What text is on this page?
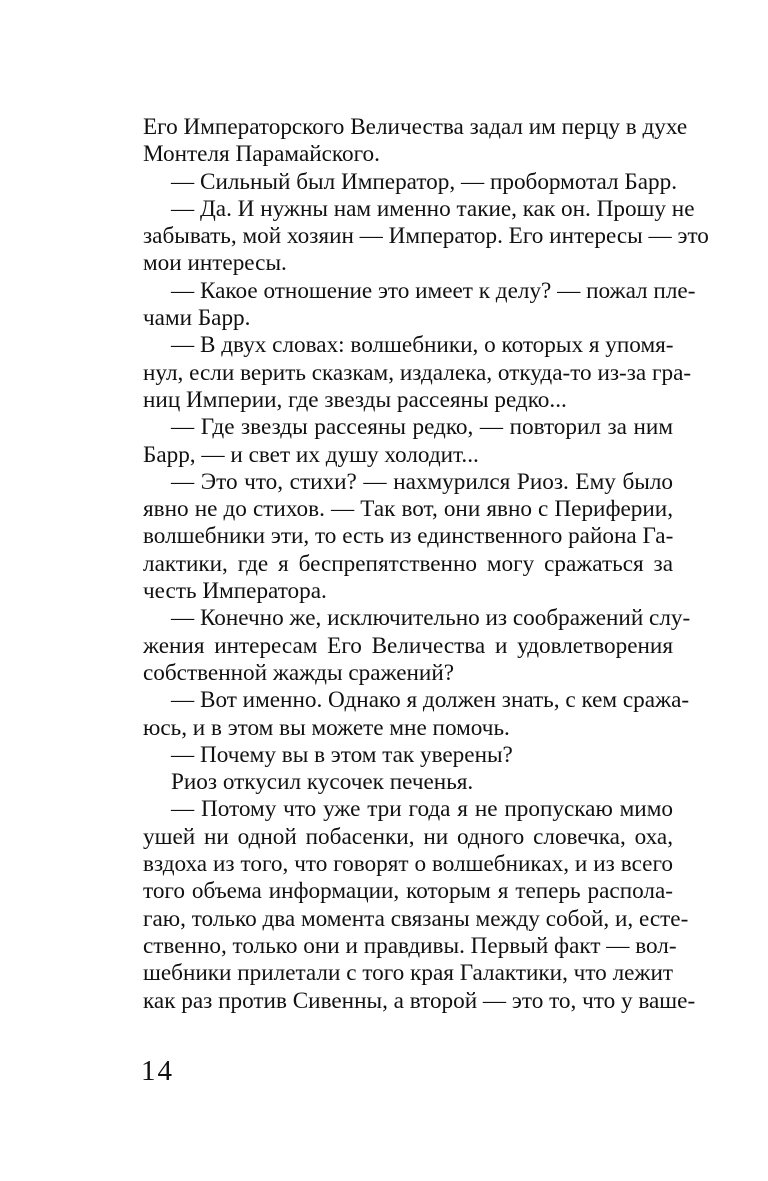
Его Императорского Величества задал им перцу в духе
Монтеля Парамайского.
— Сильный был Император, — пробормотал Барр.
— Да. И нужны нам именно такие, как он. Прошу не
забывать, мой хозяин — Император. Его интересы — это
мои интересы.
— Какое отношение это имеет к делу? — пожал пле-
чами Барр.
— В двух словах: волшебники, о которых я упомя-
нул, если верить сказкам, издалека, откуда-то из-за гра-
ниц Империи, где звезды рассеяны редко...
— Где звезды рассеяны редко, — повторил за ним
Барр, — и свет их душу холодит...
— Это что, стихи? — нахмурился Риоз. Ему было
явно не до стихов. — Так вот, они явно с Периферии,
волшебники эти, то есть из единственного района Га-
лактики, где я беспрепятственно могу сражаться за
честь Императора.
— Конечно же, исключительно из соображений слу-
жения интересам Его Величества и удовлетворения
собственной жажды сражений?
— Вот именно. Однако я должен знать, с кем сража-
юсь, и в этом вы можете мне помочь.
— Почему вы в этом так уверены?
Риоз откусил кусочек печенья.
— Потому что уже три года я не пропускаю мимо
ушей ни одной побасенки, ни одного словечка, оха,
вздоха из того, что говорят о волшебниках, и из всего
того объема информации, которым я теперь распола-
гаю, только два момента связаны между собой, и, есте-
ственно, только они и правдивы. Первый факт — вол-
шебники прилетали с того края Галактики, что лежит
как раз против Сивенны, а второй — это то, что у ваше-
14
